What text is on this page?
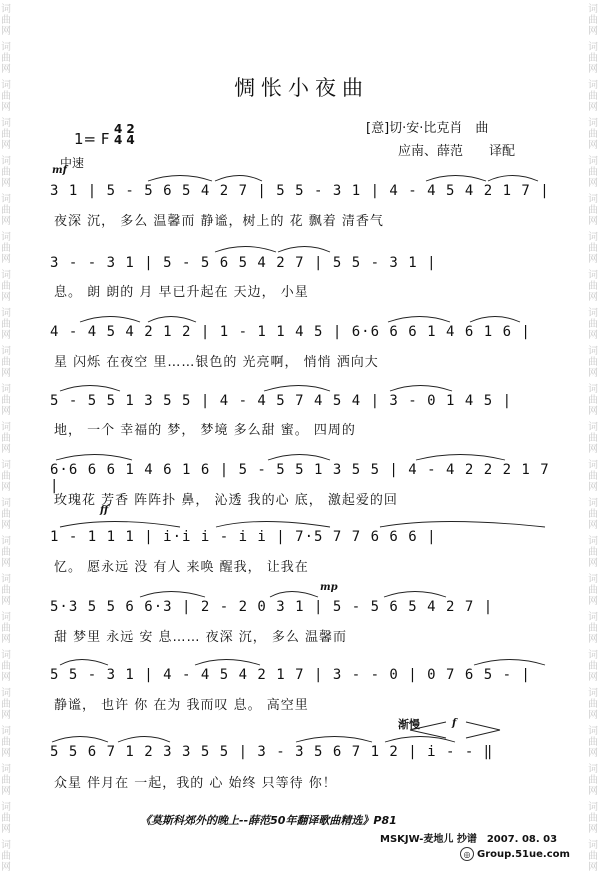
词
曲
网
词
曲
网
词
曲
网
词
曲
网
词
曲
网
词
曲
网
词
曲
网
词
曲
网
词
曲
网
词
曲
网
词
曲
网
词
曲
网
词
曲
网
词
曲
网
词
曲
网
词
曲
网
词
曲
网
词
曲
网
词
曲
网
词
曲
网
词
曲
网
词
曲
网
词
曲
网
词
曲
网
词
曲
网
词
曲
网
词
曲
网
词
曲
网
词
曲
网
词
曲
网
词
曲
网
词
曲
网
词
曲
网
词
曲
网
词
曲
网
词
曲
网
词
曲
网
词
曲
网
词
曲
网
词
曲
网
词
曲
网
词
曲
网
词
曲
网
词
曲
网
词
曲
网
词
曲
网
惆怅小夜曲
1= F
4
4
2
4
[意]切·安·比克肖　曲
应南、薛范　　译配
mf
中速
ff
mp
渐慢	f
3 1 | 5 - 5 6 5 4 2 7 | 5 5 - 3 1 | 4 - 4 5 4 2 1 7 |
夜深 沉， 多么 温馨而 静谧，树上的 花 飘着 清香气
3 - - 3 1 | 5 - 5 6 5 4 2 7 | 5 5 - 3 1 |
息。 朗 朗的 月 早已升起在 天边， 小星
4 - 4 5 4 2 1 2 | 1 - 1 1 4 5 | 6·6 6 6 1 4 6 1 6 |
星 闪烁 在夜空 里……银色的 光亮啊， 悄悄 洒向大
5 - 5 5 1 3 5 5 | 4 - 4 5 7 4 5 4 | 3 - 0 1 4 5 |
地， 一个 幸福的 梦， 梦境 多么甜 蜜。 四周的
6·6 6 6 1 4 6 1 6 | 5 - 5 5 1 3 5 5 | 4 - 4 2 2 2 1 7 |
玫瑰花 芳香 阵阵扑 鼻， 沁透 我的心 底， 激起爱的回
1 - 1 1 1 | i·i i - i i | 7·5 7 7 6 6 6 |
忆。 愿永远 没 有人 来唤 醒我， 让我在
5·3 5 5 6 6·3 | 2 - 2 0 3 1 | 5 - 5 6 5 4 2 7 |
甜 梦里 永远 安 息…… 夜深 沉， 多么 温馨而
5 5 - 3 1 | 4 - 4 5 4 2 1 7 | 3 - - 0 | 0 7 6 5 - |
静谧， 也许 你 在为 我而叹 息。 高空里
5 5 6 7 1 2 3 3 5 5 | 3 - 3 5 6 7 1 2 | i - - ‖
众星 伴月在 一起，我的 心 始终 只等待 你！
《莫斯科郊外的晚上--薛范50年翻译歌曲精选》P81
MSKJW-麦地儿 抄谱　2007. 08. 03
◎ Group.51ue.com
